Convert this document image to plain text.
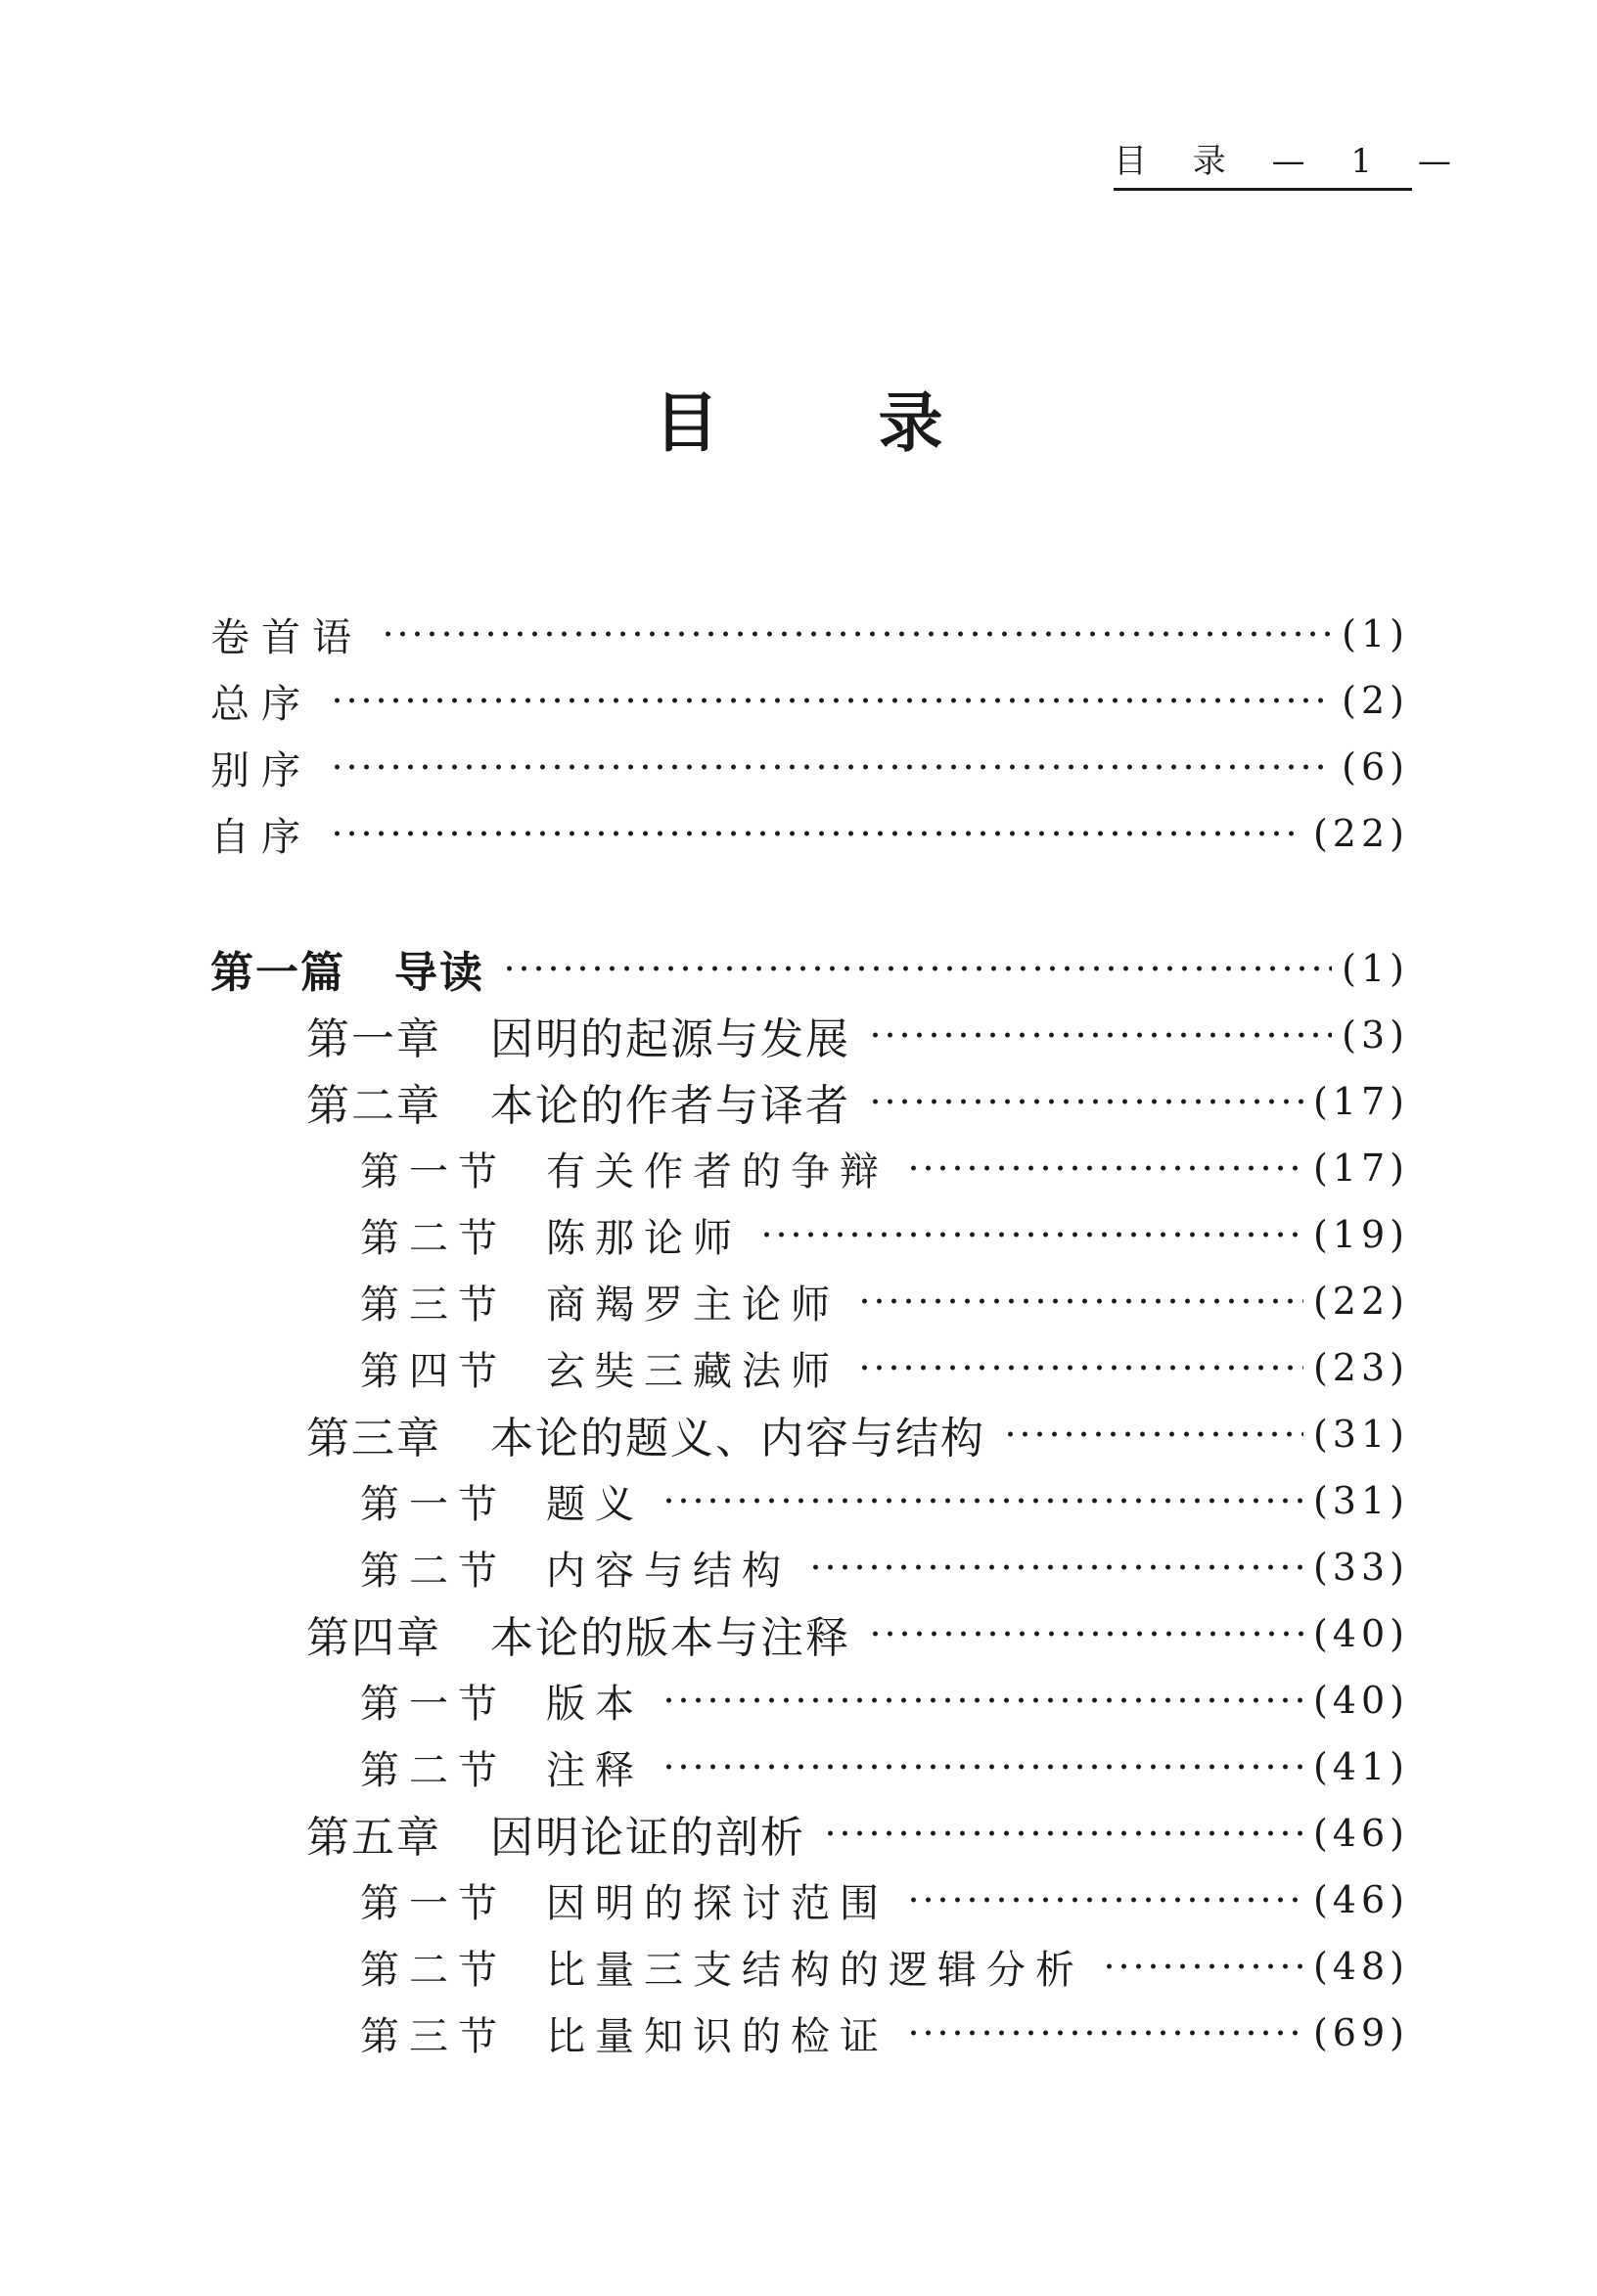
目 录 — 1 —
目 录
卷首语	(1)
总序	(2)
别序	(6)
自序	(22)
第一篇 导读	(1)
第一章 因明的起源与发展	(3)
第二章 本论的作者与译者	(17)
第一节 有关作者的争辩	(17)
第二节 陈那论师	(19)
第三节 商羯罗主论师	(22)
第四节 玄奘三藏法师	(23)
第三章 本论的题义、内容与结构	(31)
第一节 题义	(31)
第二节 内容与结构	(33)
第四章 本论的版本与注释	(40)
第一节 版本	(40)
第二节 注释	(41)
第五章 因明论证的剖析	(46)
第一节 因明的探讨范围	(46)
第二节 比量三支结构的逻辑分析	(48)
第三节 比量知识的检证	(69)
